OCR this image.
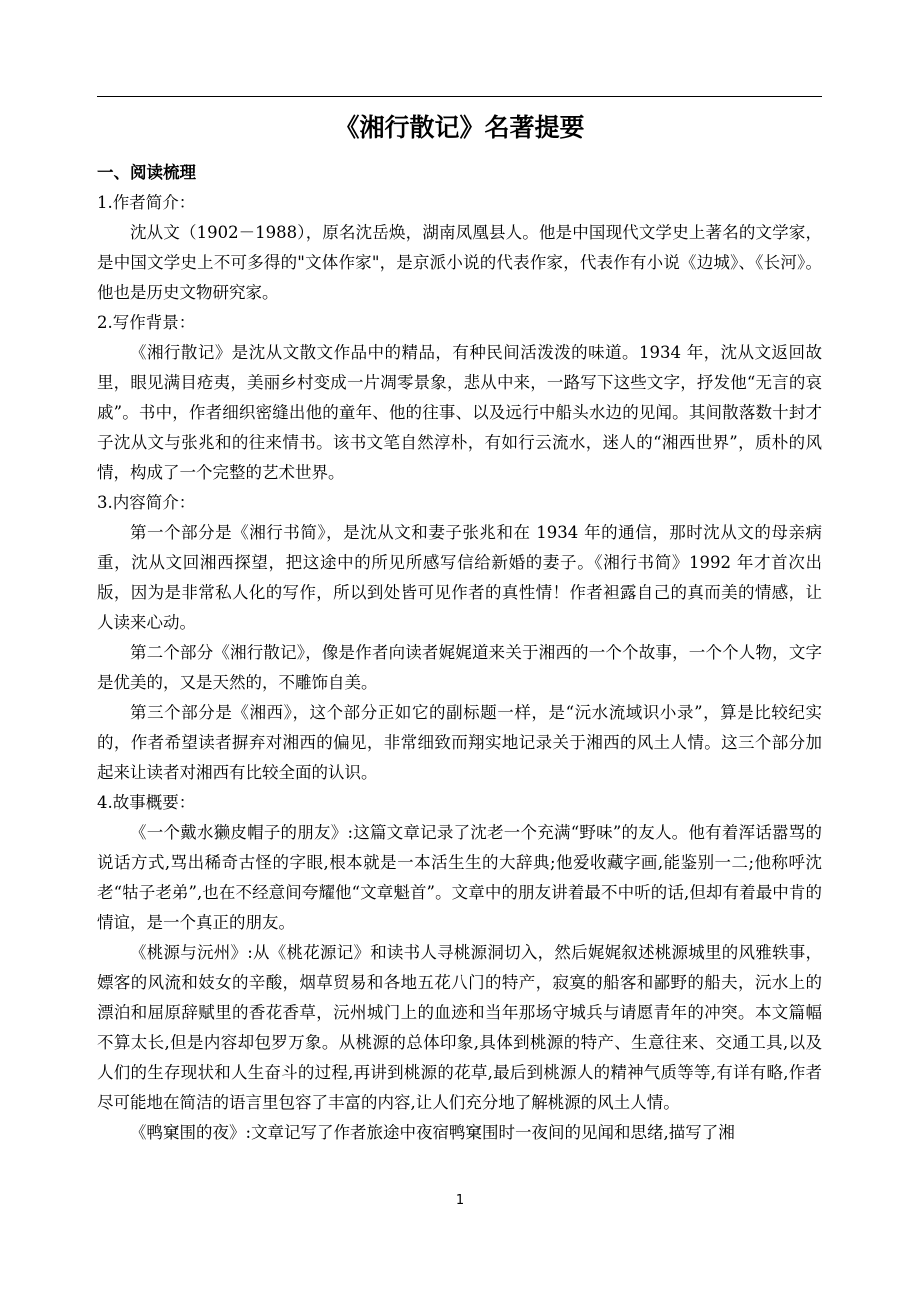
《湘行散记》名著提要

一、阅读梳理

1.作者简介：

沈从文（1902－1988），原名沈岳焕，湖南凤凰县人。他是中国现代文学史上著名的文学家，是中国文学史上不可多得的"文体作家"，是京派小说的代表作家，代表作有小说《边城》、《长河》。他也是历史文物研究家。

2.写作背景：

《湘行散记》是沈从文散文作品中的精品，有种民间活泼泼的味道。1934 年，沈从文返回故里，眼见满目疮夷，美丽乡村变成一片凋零景象，悲从中来，一路写下这些文字，抒发他“无言的哀戚”。书中，作者细织密缝出他的童年、他的往事、以及远行中船头水边的见闻。其间散落数十封才子沈从文与张兆和的往来情书。该书文笔自然淳朴，有如行云流水，迷人的“湘西世界”，质朴的风情，构成了一个完整的艺术世界。

3.内容简介：

第一个部分是《湘行书简》，是沈从文和妻子张兆和在 1934 年的通信，那时沈从文的母亲病重，沈从文回湘西探望，把这途中的所见所感写信给新婚的妻子。《湘行书简》1992 年才首次出版，因为是非常私人化的写作，所以到处皆可见作者的真性情！作者袒露自己的真而美的情感，让人读来心动。

第二个部分《湘行散记》，像是作者向读者娓娓道来关于湘西的一个个故事，一个个人物，文字是优美的，又是天然的，不雕饰自美。

第三个部分是《湘西》，这个部分正如它的副标题一样，是“沅水流域识小录”，算是比较纪实的，作者希望读者摒弃对湘西的偏见，非常细致而翔实地记录关于湘西的风土人情。这三个部分加起来让读者对湘西有比较全面的认识。

4.故事概要：

《一个戴水獭皮帽子的朋友》:这篇文章记录了沈老一个充满“野味”的友人。他有着浑话嚣骂的说话方式,骂出稀奇古怪的字眼,根本就是一本活生生的大辞典;他爱收藏字画,能鉴别一二;他称呼沈老“牯子老弟”,也在不经意间夸耀他“文章魁首”。文章中的朋友讲着最不中听的话,但却有着最中肯的情谊，是一个真正的朋友。

《桃源与沅州》:从《桃花源记》和读书人寻桃源洞切入，然后娓娓叙述桃源城里的风雅轶事，嫖客的风流和妓女的辛酸，烟草贸易和各地五花八门的特产，寂寞的船客和鄙野的船夫，沅水上的漂泊和屈原辞赋里的香花香草，沅州城门上的血迹和当年那场守城兵与请愿青年的冲突。本文篇幅不算太长,但是内容却包罗万象。从桃源的总体印象,具体到桃源的特产、生意往来、交通工具,以及人们的生存现状和人生奋斗的过程,再讲到桃源的花草,最后到桃源人的精神气质等等,有详有略,作者尽可能地在简洁的语言里包容了丰富的内容,让人们充分地了解桃源的风土人情。

《鸭窠围的夜》:文章记写了作者旅途中夜宿鸭窠围时一夜间的见闻和思绪,描写了湘

1
